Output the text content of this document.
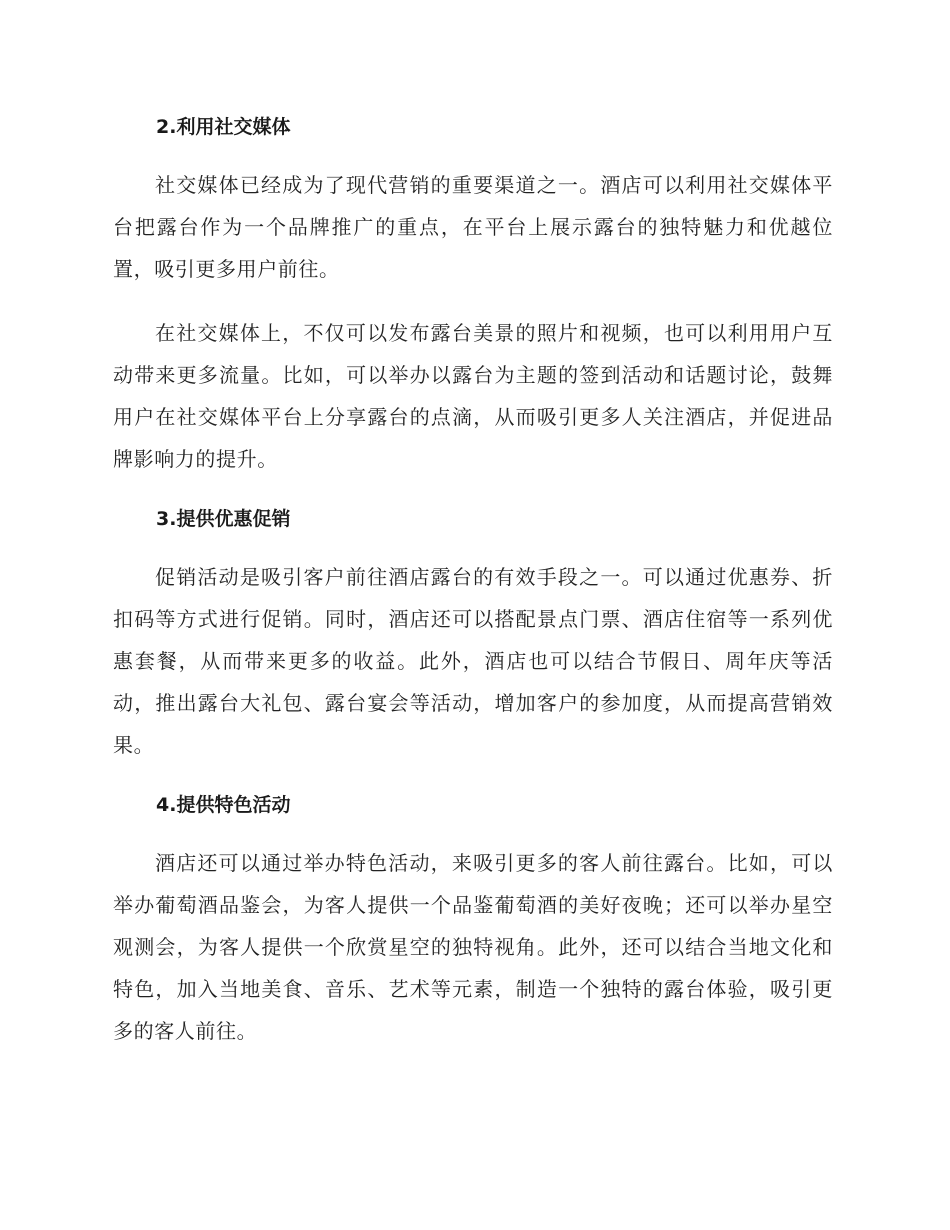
2.利用社交媒体

社交媒体已经成为了现代营销的重要渠道之一。酒店可以利用社交媒体平台把露台作为一个品牌推广的重点，在平台上展示露台的独特魅力和优越位置，吸引更多用户前往。

在社交媒体上，不仅可以发布露台美景的照片和视频，也可以利用用户互动带来更多流量。比如，可以举办以露台为主题的签到活动和话题讨论，鼓舞用户在社交媒体平台上分享露台的点滴，从而吸引更多人关注酒店，并促进品牌影响力的提升。

3.提供优惠促销

促销活动是吸引客户前往酒店露台的有效手段之一。可以通过优惠券、折扣码等方式进行促销。同时，酒店还可以搭配景点门票、酒店住宿等一系列优惠套餐，从而带来更多的收益。此外，酒店也可以结合节假日、周年庆等活动，推出露台大礼包、露台宴会等活动，增加客户的参加度，从而提高营销效果。

4.提供特色活动

酒店还可以通过举办特色活动，来吸引更多的客人前往露台。比如，可以举办葡萄酒品鉴会，为客人提供一个品鉴葡萄酒的美好夜晚；还可以举办星空观测会，为客人提供一个欣赏星空的独特视角。此外，还可以结合当地文化和特色，加入当地美食、音乐、艺术等元素，制造一个独特的露台体验，吸引更多的客人前往。
